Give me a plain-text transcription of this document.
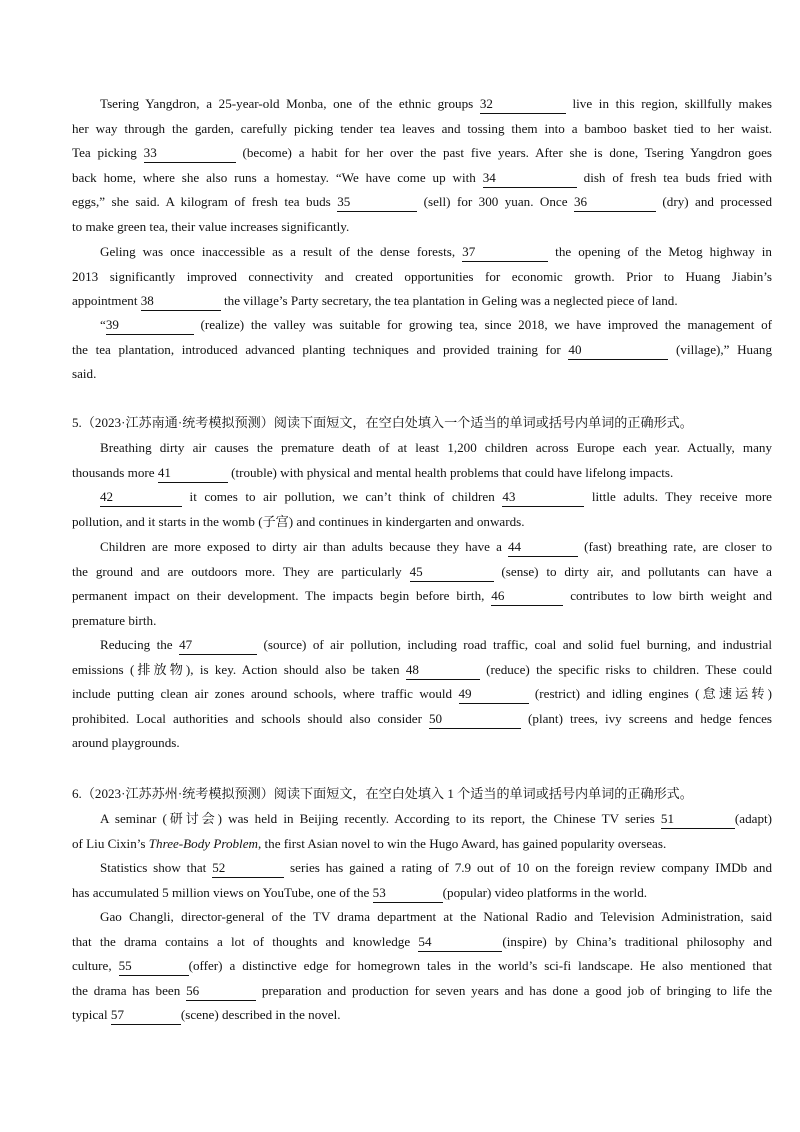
Tsering Yangdron, a 25-year-old Monba, one of the ethnic groups 32	live in this region, skillfully makes
her way through the garden, carefully picking tender tea leaves and tossing them into a bamboo basket tied to her waist.
Tea picking 33	(become) a habit for her over the past five years. After she is done, Tsering Yangdron goes
back home, where she also runs a homestay. “We have come up with 34	dish of fresh tea buds fried with
eggs,” she said. A kilogram of fresh tea buds 35	(sell) for 300 yuan. Once 36	(dry) and processed
to make green tea, their value increases significantly.
Geling was once inaccessible as a result of the dense forests, 37	the opening of the Metog highway in
2013 significantly improved connectivity and created opportunities for economic growth. Prior to Huang Jiabin’s
appointment 38	the village’s Party secretary, the tea plantation in Geling was a neglected piece of land.
“39	(realize) the valley was suitable for growing tea, since 2018, we have improved the management of
the tea plantation, introduced advanced planting techniques and provided training for 40	(village),” Huang
said.
5.（2023·江苏南通·统考模拟预测）阅读下面短文，在空白处填入一个适当的单词或括号内单词的正确形式。
Breathing dirty air causes the premature death of at least 1,200 children across Europe each year. Actually, many
thousands more 41	(trouble) with physical and mental health problems that could have lifelong impacts.
42	it comes to air pollution, we can’t think of children 43	little adults. They receive more
pollution, and it starts in the womb (子宫) and continues in kindergarten and onwards.
Children are more exposed to dirty air than adults because they have a 44	(fast) breathing rate, are closer to
the ground and are outdoors more. They are particularly 45	(sense) to dirty air, and pollutants can have a
permanent impact on their development. The impacts begin before birth, 46	contributes to low birth weight and
premature birth.
Reducing the 47	(source) of air pollution, including road traffic, coal and solid fuel burning, and industrial
emissions (排放物), is key. Action should also be taken 48	(reduce) the specific risks to children. These could
include putting clean air zones around schools, where traffic would 49	(restrict) and idling engines (怠速运转)
prohibited. Local authorities and schools should also consider 50	(plant) trees, ivy screens and hedge fences
around playgrounds.
6.（2023·江苏苏州·统考模拟预测）阅读下面短文，在空白处填入 1 个适当的单词或括号内单词的正确形式。
A seminar (研讨会) was held in Beijing recently. According to its report, the Chinese TV series 51	(adapt)
of Liu Cixin’s Three-Body Problem, the first Asian novel to win the Hugo Award, has gained popularity overseas.
Statistics show that 52	series has gained a rating of 7.9 out of 10 on the foreign review company IMDb and
has accumulated 5 million views on YouTube, one of the 53	(popular) video platforms in the world.
Gao Changli, director-general of the TV drama department at the National Radio and Television Administration, said
that the drama contains a lot of thoughts and knowledge 54	(inspire) by China’s traditional philosophy and
culture, 55	(offer) a distinctive edge for homegrown tales in the world’s sci-fi landscape. He also mentioned that
the drama has been 56	preparation and production for seven years and has done a good job of bringing to life the
typical 57	(scene) described in the novel.
